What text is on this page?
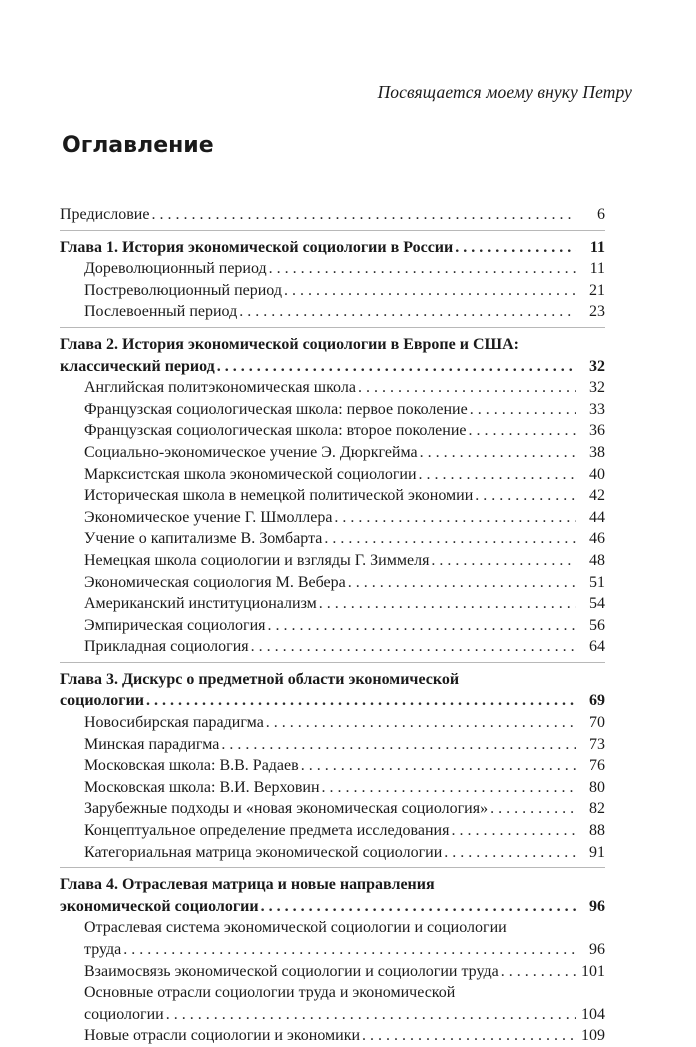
Посвящается моему внуку Петру

Оглавление
Предисловие . . .	6
Глава 1. История экономической социологии в России . . .	11
Дореволюционный период . . .	11
Постреволюционный период . . .	21
Послевоенный период . . .	23
Глава 2. История экономической социологии в Европе и США:
классический период . . .	32
Английская политэкономическая школа . . .	32
Французская социологическая школа: первое поколение . . .	33
Французская социологическая школа: второе поколение . . .	36
Социально-экономическое учение Э. Дюркгейма . . .	38
Марксистская школа экономической социологии . . .	40
Историческая школа в немецкой политической экономии . . .	42
Экономическое учение Г. Шмоллера . . .	44
Учение о капитализме В. Зомбарта . . .	46
Немецкая школа социологии и взгляды Г. Зиммеля . . .	48
Экономическая социология М. Вебера . . .	51
Американский институционализм . . .	54
Эмпирическая социология . . .	56
Прикладная социология . . .	64
Глава 3. Дискурс о предметной области экономической
социологии . . .	69
Новосибирская парадигма . . .	70
Минская парадигма . . .	73
Московская школа: В.В. Радаев . . .	76
Московская школа: В.И. Верховин . . .	80
Зарубежные подходы и «новая экономическая социология» . . .	82
Концептуальное определение предмета исследования . . .	88
Категориальная матрица экономической социологии . . .	91
Глава 4. Отраслевая матрица и новые направления
экономической социологии . . .	96
Отраслевая система экономической социологии и социологии
труда . . .	96
Взаимосвязь экономической социологии и социологии труда . . .	101
Основные отрасли социологии труда и экономической
социологии . . .	104
Новые отрасли социологии и экономики . . .	109
